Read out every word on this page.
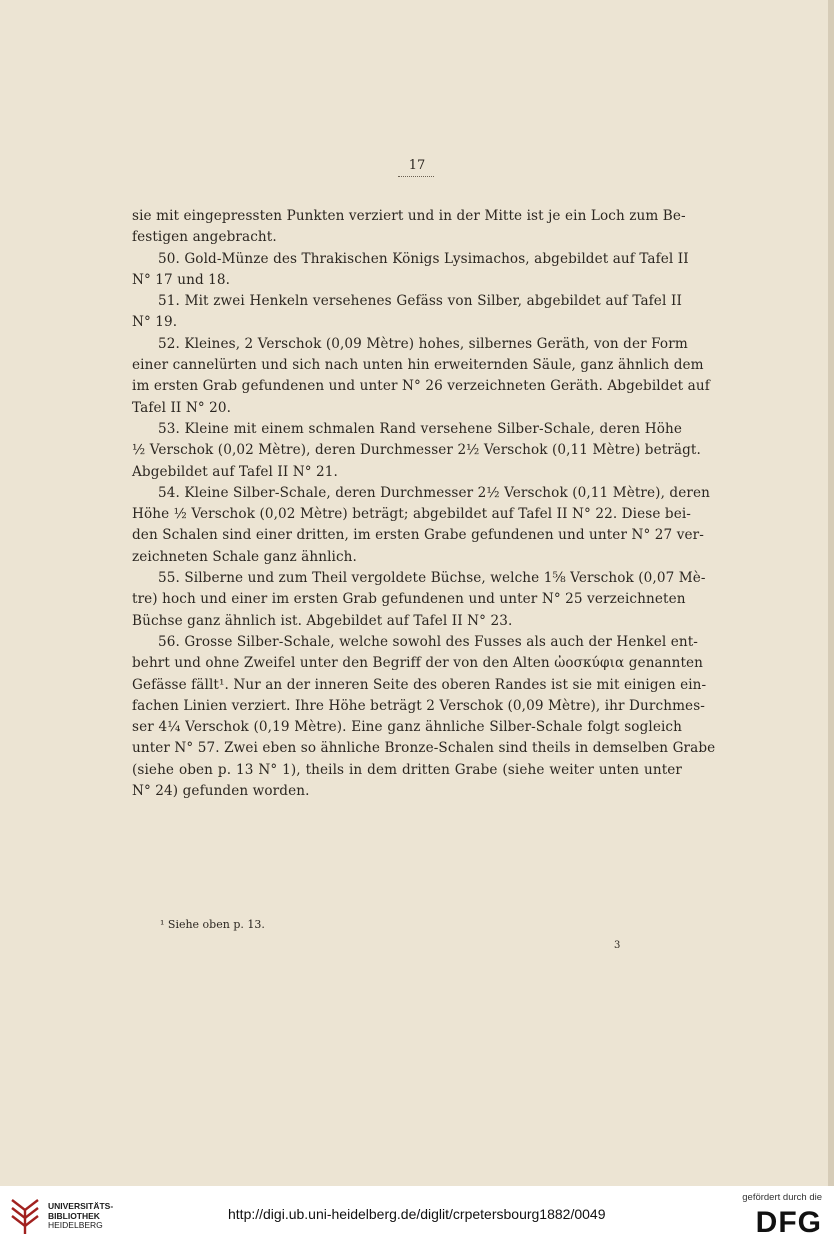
17
sie mit eingepressten Punkten verziert und in der Mitte ist je ein Loch zum Be-
festigen angebracht.
50. Gold-Münze des Thrakischen Königs Lysimachos, abgebildet auf Tafel II
N° 17 und 18.
51. Mit zwei Henkeln versehenes Gefäss von Silber, abgebildet auf Tafel II
N° 19.
52. Kleines, 2 Verschok (0,09 Mètre) hohes, silbernes Geräth, von der Form
einer cannelürten und sich nach unten hin erweiternden Säule, ganz ähnlich dem
im ersten Grab gefundenen und unter N° 26 verzeichneten Geräth. Abgebildet auf
Tafel II N° 20.
53. Kleine mit einem schmalen Rand versehene Silber-Schale, deren Höhe
½ Verschok (0,02 Mètre), deren Durchmesser 2½ Verschok (0,11 Mètre) beträgt.
Abgebildet auf Tafel II N° 21.
54. Kleine Silber-Schale, deren Durchmesser 2½ Verschok (0,11 Mètre), deren
Höhe ½ Verschok (0,02 Mètre) beträgt; abgebildet auf Tafel II N° 22. Diese bei-
den Schalen sind einer dritten, im ersten Grabe gefundenen und unter N° 27 ver-
zeichneten Schale ganz ähnlich.
55. Silberne und zum Theil vergoldete Büchse, welche 1⅝ Verschok (0,07 Mè-
tre) hoch und einer im ersten Grab gefundenen und unter N° 25 verzeichneten
Büchse ganz ähnlich ist. Abgebildet auf Tafel II N° 23.
56. Grosse Silber-Schale, welche sowohl des Fusses als auch der Henkel ent-
behrt und ohne Zweifel unter den Begriff der von den Alten ὠοσκύφια genannten
Gefässe fällt¹. Nur an der inneren Seite des oberen Randes ist sie mit einigen ein-
fachen Linien verziert. Ihre Höhe beträgt 2 Verschok (0,09 Mètre), ihr Durchmes-
ser 4¼ Verschok (0,19 Mètre). Eine ganz ähnliche Silber-Schale folgt sogleich
unter N° 57. Zwei eben so ähnliche Bronze-Schalen sind theils in demselben Grabe
(siehe oben p. 13 N° 1), theils in dem dritten Grabe (siehe weiter unten unter
N° 24) gefunden worden.
¹ Siehe oben p. 13.
3
UNIVERSITÄTS-
BIBLIOTHEK
HEIDELBERG
http://digi.ub.uni-heidelberg.de/diglit/crpetersbourg1882/0049
gefördert durch die
DFG
